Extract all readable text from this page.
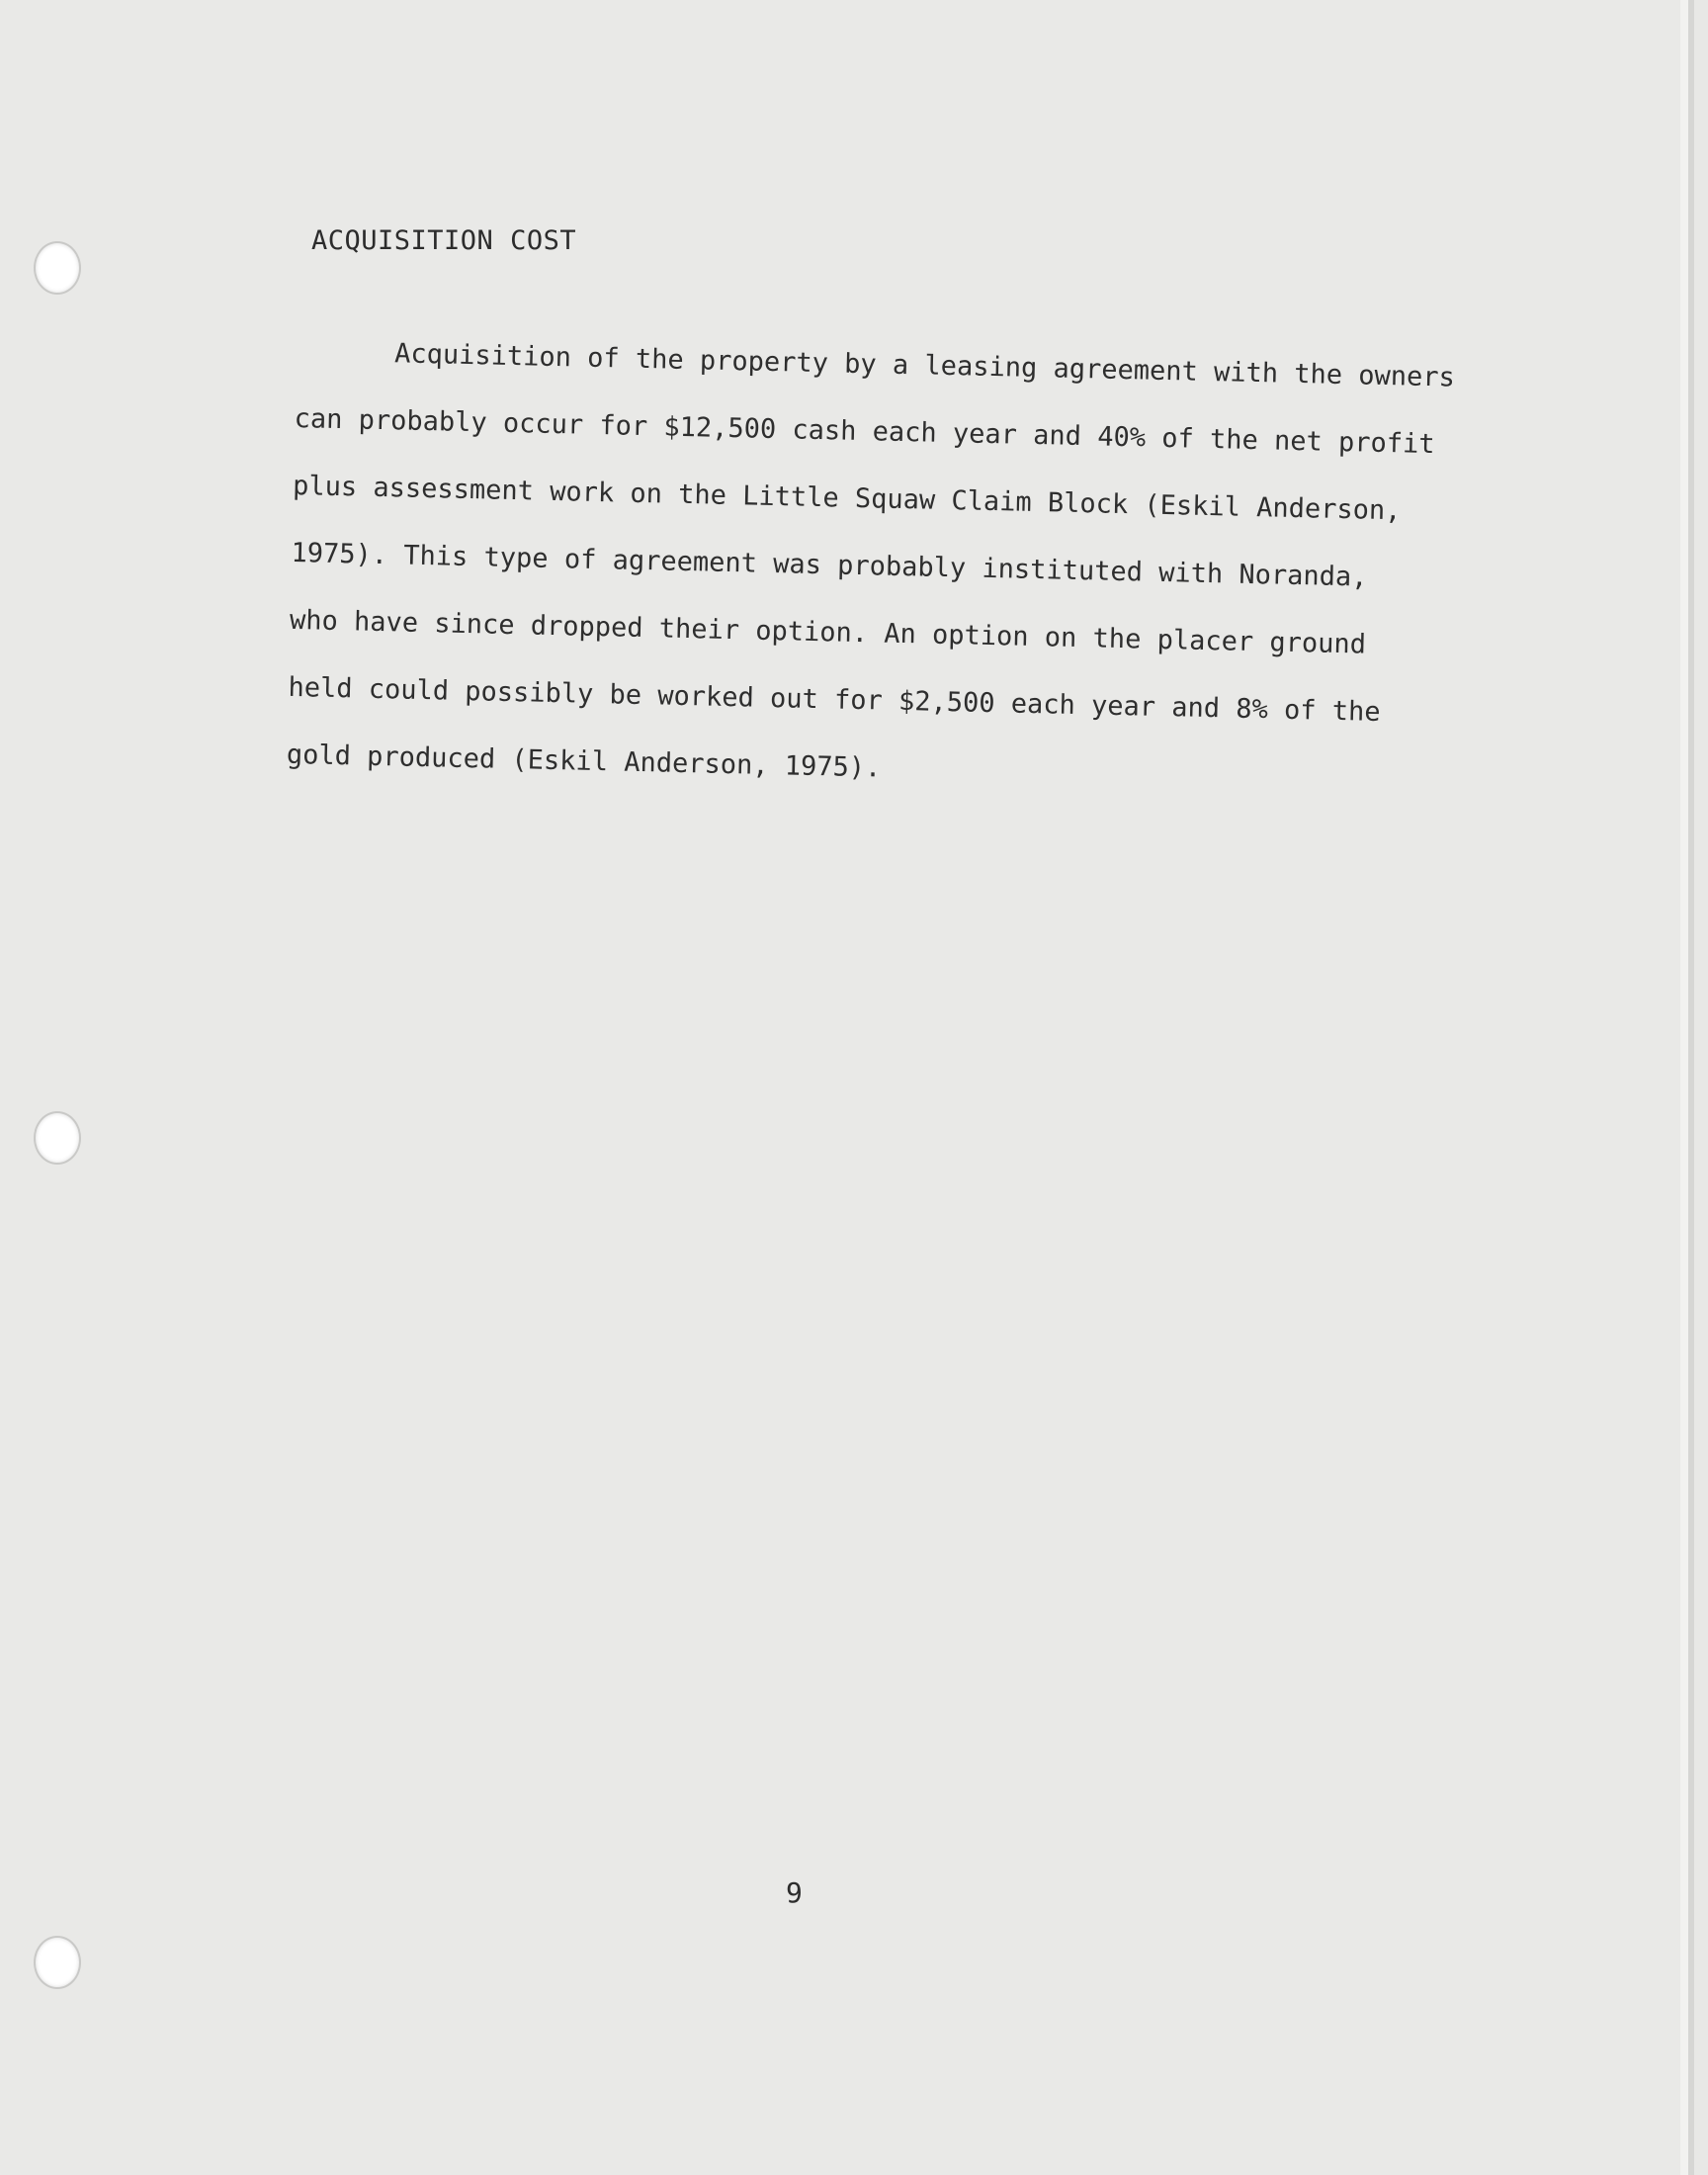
ACQUISITION COST
Acquisition of the property by a leasing agreement with the owners
can probably occur for $12,500 cash each year and 40% of the net profit
plus assessment work on the Little Squaw Claim Block (Eskil Anderson,
1975). This type of agreement was probably instituted with Noranda,
who have since dropped their option. An option on the placer ground
held could possibly be worked out for $2,500 each year and 8% of the
gold produced (Eskil Anderson, 1975).
9
